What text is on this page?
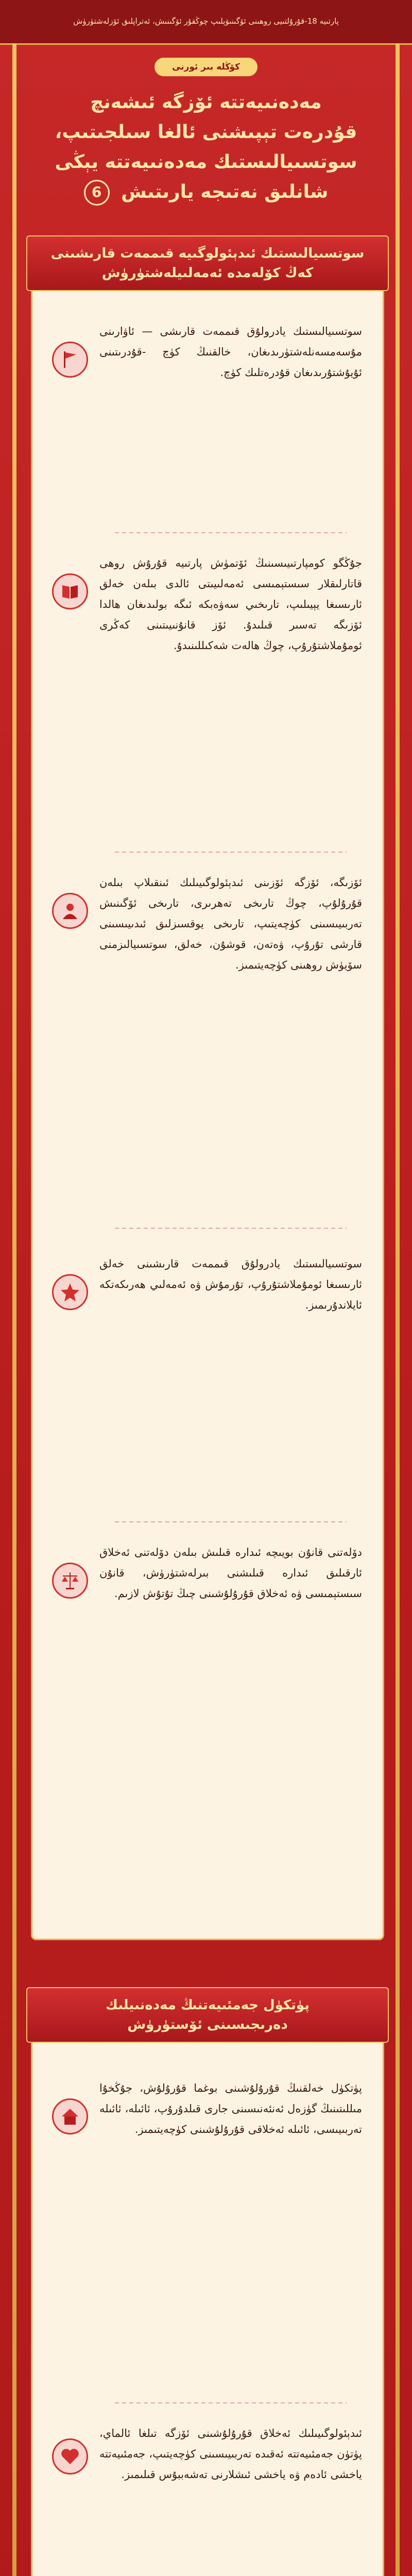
پارتىيە 18-قۇرۇلتىيى روھىنى ئۆگىنىۋېلىپ چوڭقۇر ئۆگىنىش، ئەتراپلىق ئۆزلەشتۈرۈش
كۆڭلە بىر ئورنى
مەدەنىيەتتە ئۆزگە ئىشەنچ
قۇدرەت تېپىشنى ئالغا سىلجىتىپ،
سوتسىيالىستىك مەدەنىيەتتە يېڭى
شانلىق نەتىجە يارىتىش 6
سوتسىيالىستىك ئىدېئولوگىيە قىممەت قارىشىنى
كەڭ كۆلەمدە ئەمەلىيلەشتۈرۈش

سوتسىيالىستىك يادرولۇق قىممەت قارىشى — ئاۋارىنى مۇسەمسەنلەشتۈرىدىغان، خالقنىڭ كۈچ -قۇدرىتىنى ئۇيۇشتۇرىدىغان قۇدرەتلىك كۈچ.

جۇڭگو كومپارتىيىسىنىڭ ئۆتمۈش پارتىيە قۇرۇش روھى قاتارلىقلار سىستېمىسى ئەمەلىيىتى ئالدى بىلەن خەلق ئارىسىغا يېيىلىپ، تارىخىي سەۋەبكە ئىگە بولىدىغان ھالدا ئۆزىگە تەسىر قىلىدۇ. ئۆز قانۇنىيىتىنى كەڭرى ئومۇملاشتۇرۇپ، چوڭ ھالەت شەكىللىنىدۇ.

ئۆزىگە، ئۆزگە ئۆزىنى ئىدېئولوگىيىلىك ئىنقىلاپ بىلەن قۇرۇلۇپ، چوڭ تارىخى تەھرىرى، تارىخى ئۆگىنىش تەربىيىسىنى كۈچەيتىپ، تارىخى يوقسىزلىق ئىدىيىسىنى قارشى تۇرۇپ، ۋەتەن، قوشۇن، خەلق، سوتسىيالىزمنى سۆيۈش روھىنى كۈچەيتىمىز.

سوتسىيالىستىك يادرولۇق قىممەت قارىشىنى خەلق ئارىسىغا ئومۇملاشتۇرۇپ، تۇرمۇش ۋە ئەمەلىي ھەرىكەتكە ئايلاندۇرىمىز.

دۆلەتنى قانۇن بويىچە ئىدارە قىلىش بىلەن دۆلەتنى ئەخلاق ئارقىلىق ئىدارە قىلىشنى بىرلەشتۈرۈش، قانۇن سىستېمىسى ۋە ئەخلاق قۇرۇلۇشىنى چىڭ تۇتۇش لازىم.

پۈتكۈل جەمئىيەتنىڭ مەدەنىيلىك
دەرىجىسىنى ئۆستۈرۈش

پۈتكۈل خەلقنىڭ قۇرۇلۇشىنى بوغما قۇرۇلۇش، جۇڭخۇا مىللىتىنىڭ گۈزەل ئەنئەنىسىنى جارى قىلدۇرۇپ، ئائىلە، ئائىلە تەربىيىسى، ئائىلە ئەخلاقى قۇرۇلۇشىنى كۈچەيتىمىز.

ئىدېئولوگىيىلىك ئەخلاق قۇرۇلۇشىنى ئۆزگە تىلغا ئالماي، پۈتۈن جەمئىيەتتە ئەقىدە تەربىيىسىنى كۈچەيتىپ، جەمئىيەتتە ياخشى ئادەم ۋە ياخشى ئىشلارنى تەشەببۇس قىلىمىز.
